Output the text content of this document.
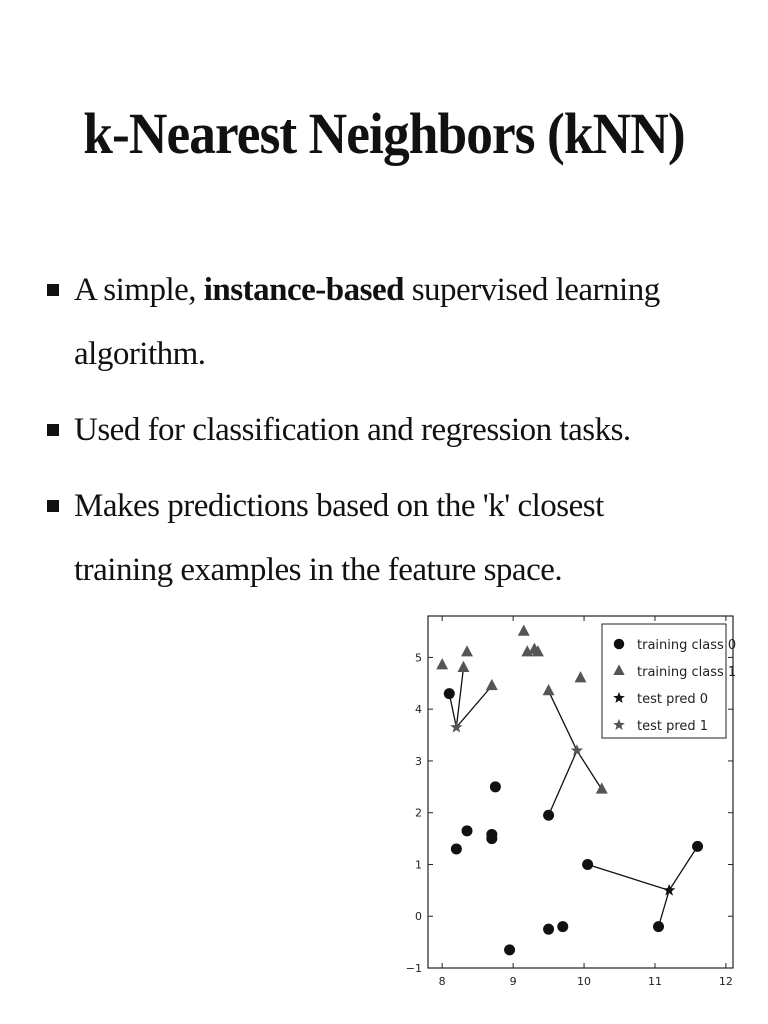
k-Nearest Neighbors (kNN)
A simple, instance-based supervised learning algorithm.
Used for classification and regression tasks.
Makes predictions based on the 'k' closest training examples in the feature space.
8	9	10	11	12
−1
0
1
2
3
4
5
training class 0
training class 1
test pred 0
test pred 1
